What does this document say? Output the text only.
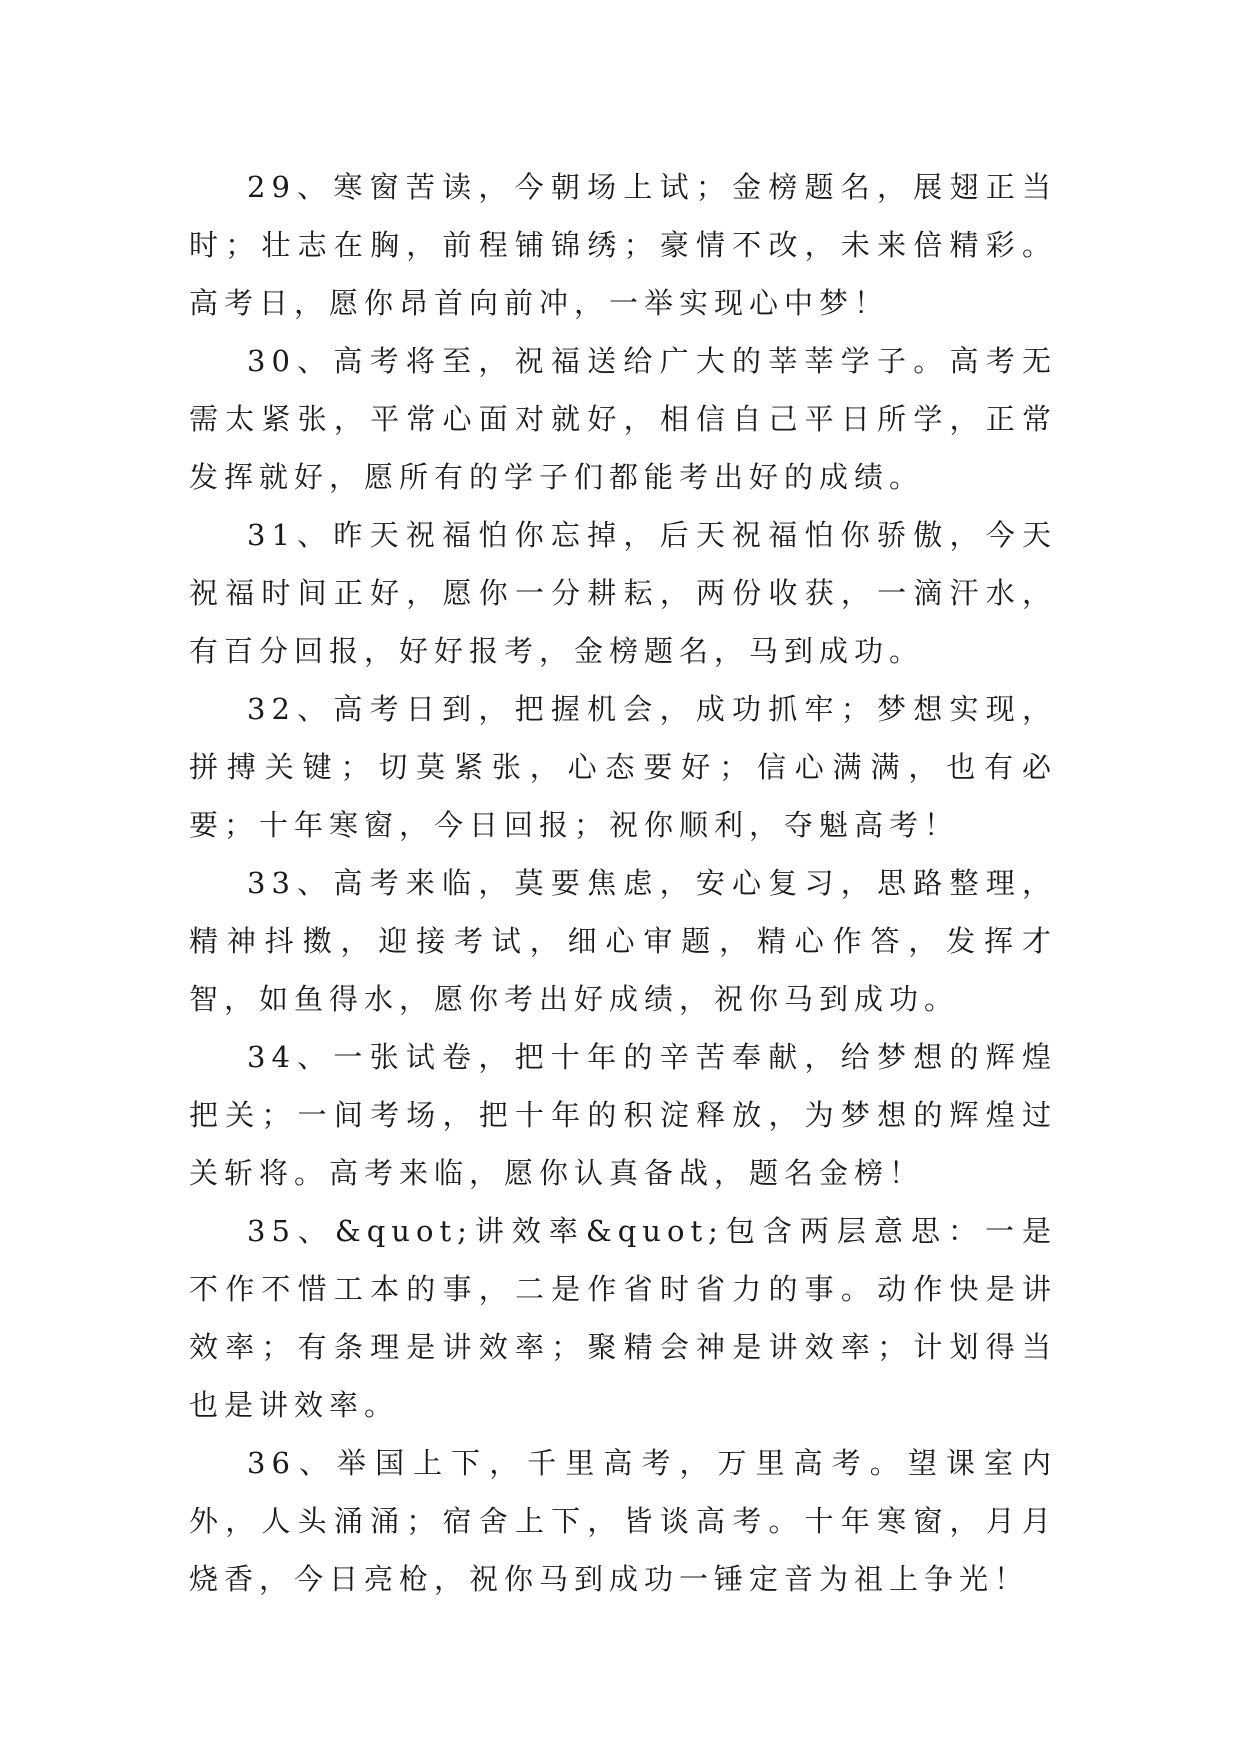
29、寒窗苦读，今朝场上试；金榜题名，展翅正当时；壮志在胸，前程铺锦绣；豪情不改，未来倍精彩。高考日，愿你昂首向前冲，一举实现心中梦！

30、高考将至，祝福送给广大的莘莘学子。高考无需太紧张，平常心面对就好，相信自己平日所学，正常发挥就好，愿所有的学子们都能考出好的成绩。

31、昨天祝福怕你忘掉，后天祝福怕你骄傲，今天祝福时间正好，愿你一分耕耘，两份收获，一滴汗水，有百分回报，好好报考，金榜题名，马到成功。

32、高考日到，把握机会，成功抓牢；梦想实现，拼搏关键；切莫紧张，心态要好；信心满满，也有必要；十年寒窗，今日回报；祝你顺利，夺魁高考！

33、高考来临，莫要焦虑，安心复习，思路整理，精神抖擞，迎接考试，细心审题，精心作答，发挥才智，如鱼得水，愿你考出好成绩，祝你马到成功。

34、一张试卷，把十年的辛苦奉献，给梦想的辉煌把关；一间考场，把十年的积淀释放，为梦想的辉煌过关斩将。高考来临，愿你认真备战，题名金榜！

35、&quot;讲效率&quot;包含两层意思：一是不作不惜工本的事，二是作省时省力的事。动作快是讲效率；有条理是讲效率；聚精会神是讲效率；计划得当也是讲效率。

36、举国上下，千里高考，万里高考。望课室内外，人头涌涌；宿舍上下，皆谈高考。十年寒窗，月月烧香，今日亮枪，祝你马到成功一锤定音为祖上争光！
